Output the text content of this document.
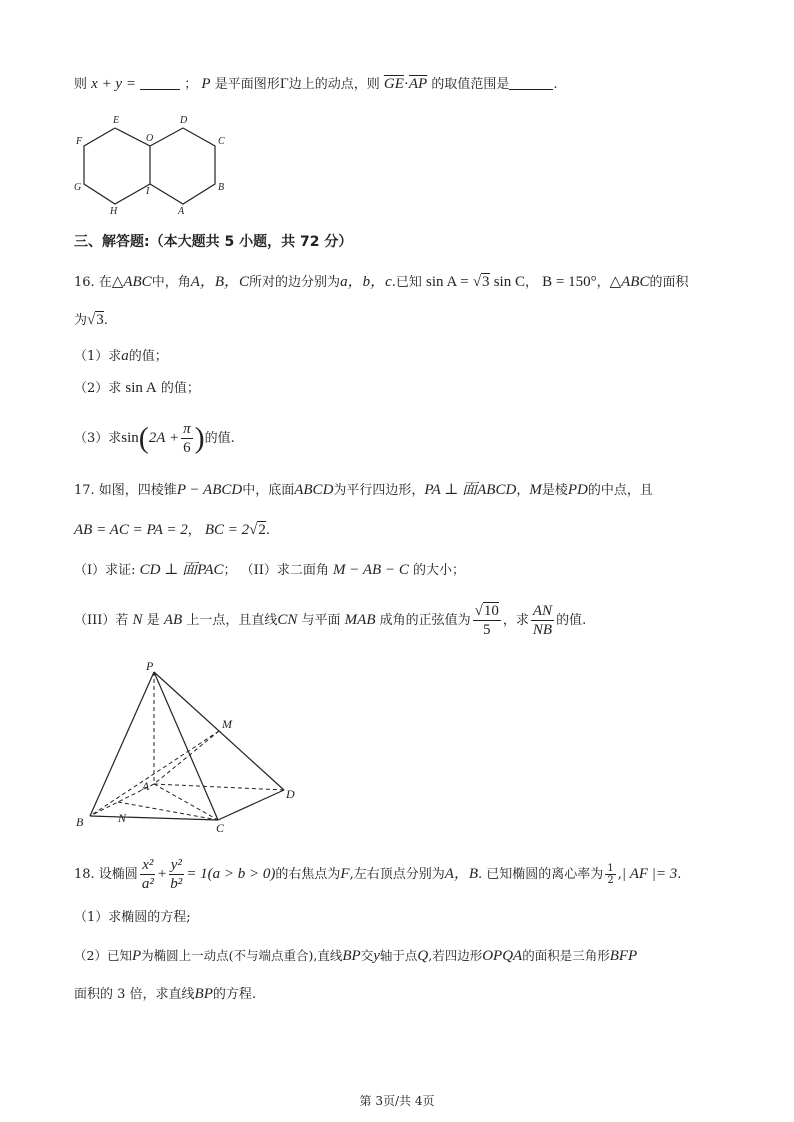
则 x + y =	； P 是平面图形Γ边上的动点，则 $\overline{GE}\cdot\overline{AP}$ 的取值范围是	.
F
E
O
D
C
G	I	B
H	A
三、解答题:（本大题共 5 小题，共 72 分）
16. 在△ABC中，角A，B，C所对的边分别为a，b，c.已知 sin A = √3 sin C， B = 150°，△ABC的面积
为√3.
（1）求a的值；
（2）求 sin A 的值；
（3）求$\sin(2A + \frac{\pi}{6}$ )的值.
17. 如图，四棱锥P − ABCD中，底面ABCD为平行四边形，PA ⊥ 面ABCD，M是棱PD的中点，且
AB = AC = PA = 2， BC = 2√2.
（I）求证: CD ⊥ 面PAC； （II）求二面角 M − AB − C 的大小；
（III）若 N 是 AB 上一点，且直线CN 与平面 MAB 成角的正弦值为 $\frac{√10}{5}$ ，求 $\frac{AN}{NB}$ 的值.
P
M
A
D
B	N
C
18. 设椭圆 $\frac{\text{x²}}{\text{a²}} + \frac{\text{y²}}{\text{b²}} = 1(a > b > 0)$的右焦点为F,左右顶点分别为A，B. 已知椭圆的离心率为 $\frac{1}{2}$ ,| AF |= 3.
（1）求椭圆的方程;
（2）已知P为椭圆上一动点(不与端点重合),直线BP交y轴于点Q,若四边形OPQA的面积是三角形BFP
面积的 3 倍，求直线BP的方程.
第 3页/共 4页
